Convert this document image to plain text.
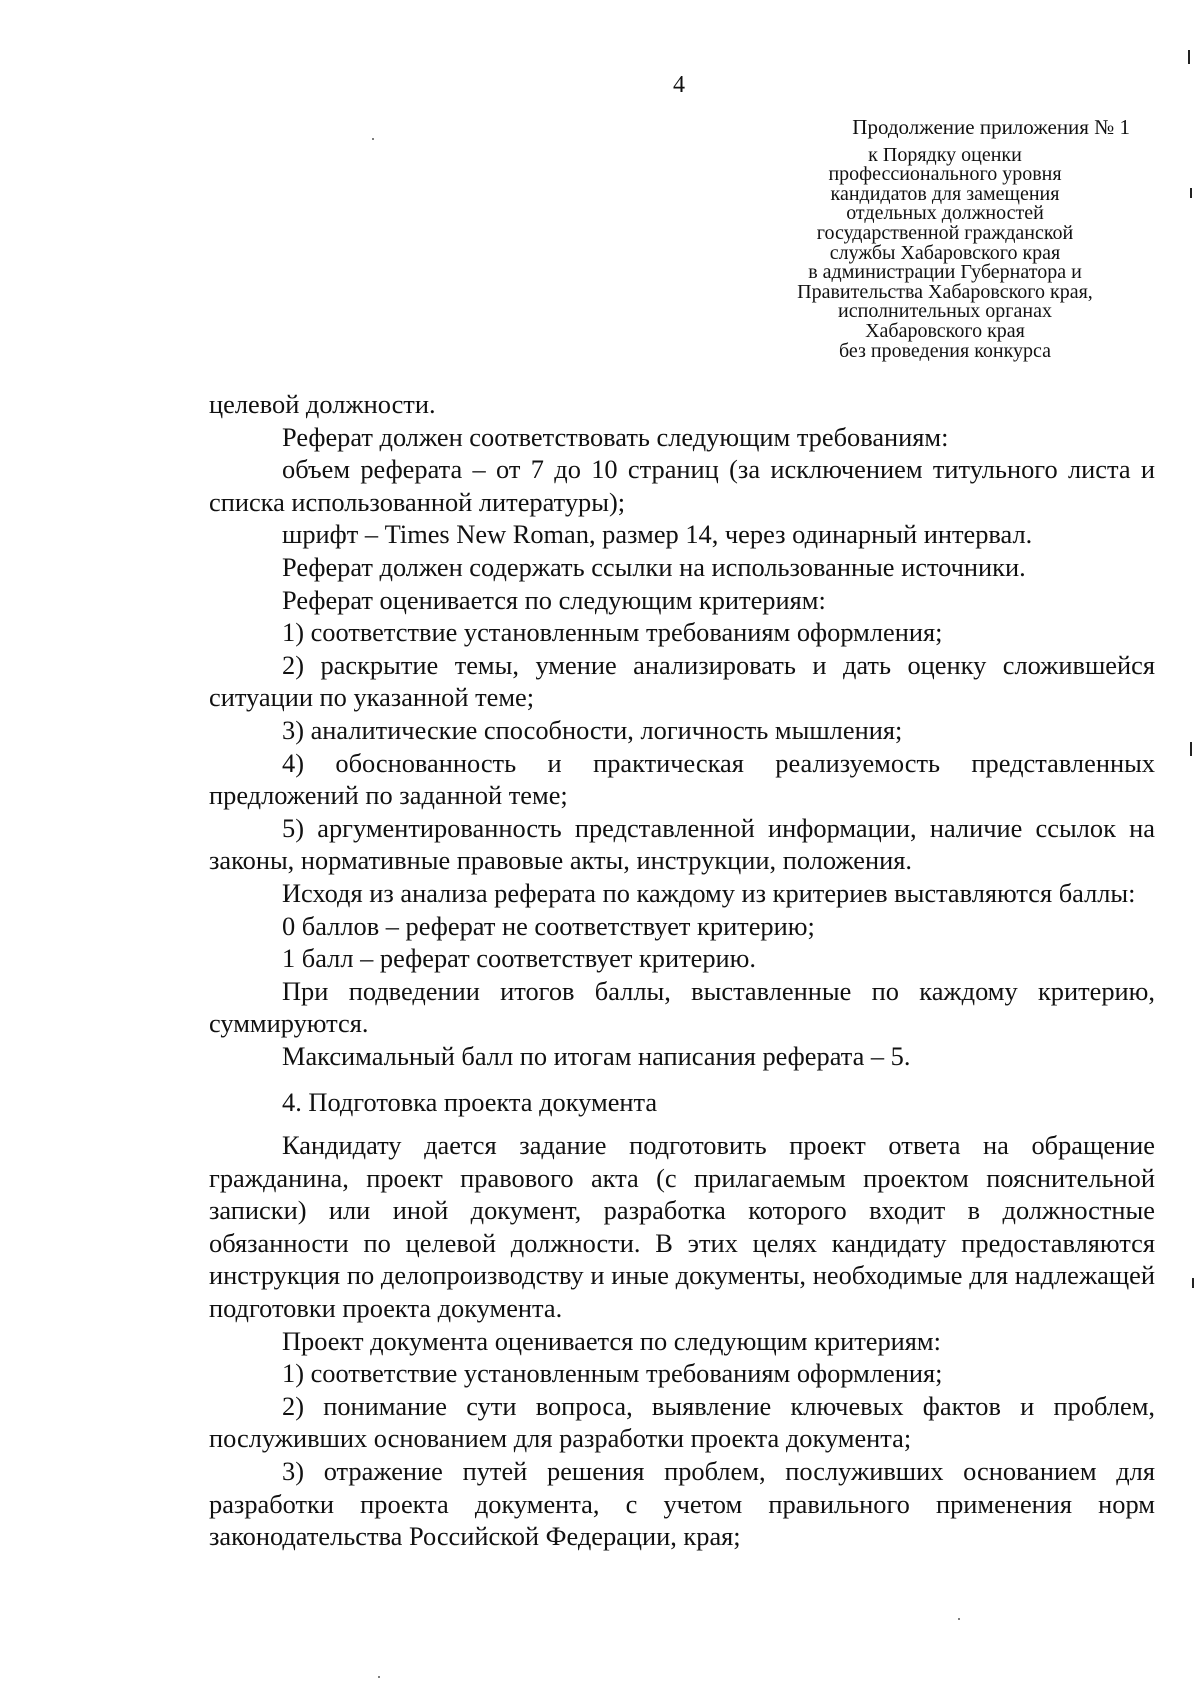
4
Продолжение приложения № 1
к Порядку оценки
профессионального уровня
кандидатов для замещения
отдельных должностей
государственной гражданской
службы Хабаровского края
в администрации Губернатора и
Правительства Хабаровского края,
исполнительных органах
Хабаровского края
без проведения конкурса

целевой должности.

Реферат должен соответствовать следующим требованиям:

объем реферата – от 7 до 10 страниц (за исключением титульного листа и списка использованной литературы);

шрифт – Times New Roman, размер 14, через одинарный интервал.

Реферат должен содержать ссылки на использованные источники.

Реферат оценивается по следующим критериям:

1) соответствие установленным требованиям оформления;

2) раскрытие темы, умение анализировать и дать оценку сложившейся ситуации по указанной теме;

3) аналитические способности, логичность мышления;

4) обоснованность и практическая реализуемость представленных предложений по заданной теме;

5) аргументированность представленной информации, наличие ссылок на законы, нормативные правовые акты, инструкции, положения.

Исходя из анализа реферата по каждому из критериев выставляются баллы:

0 баллов – реферат не соответствует критерию;

1 балл – реферат соответствует критерию.

При подведении итогов баллы, выставленные по каждому критерию, суммируются.

Максимальный балл по итогам написания реферата – 5.

4. Подготовка проекта документа

Кандидату дается задание подготовить проект ответа на обращение гражданина, проект правового акта (с прилагаемым проектом пояснительной записки) или иной документ, разработка которого входит в должностные обязанности по целевой должности. В этих целях кандидату предоставляются инструкция по делопроизводству и иные документы, необходимые для надлежащей подготовки проекта документа.

Проект документа оценивается по следующим критериям:

1) соответствие установленным требованиям оформления;

2) понимание сути вопроса, выявление ключевых фактов и проблем, послуживших основанием для разработки проекта документа;

3) отражение путей решения проблем, послуживших основанием для разработки проекта документа, с учетом правильного применения норм законодательства Российской Федерации, края;
